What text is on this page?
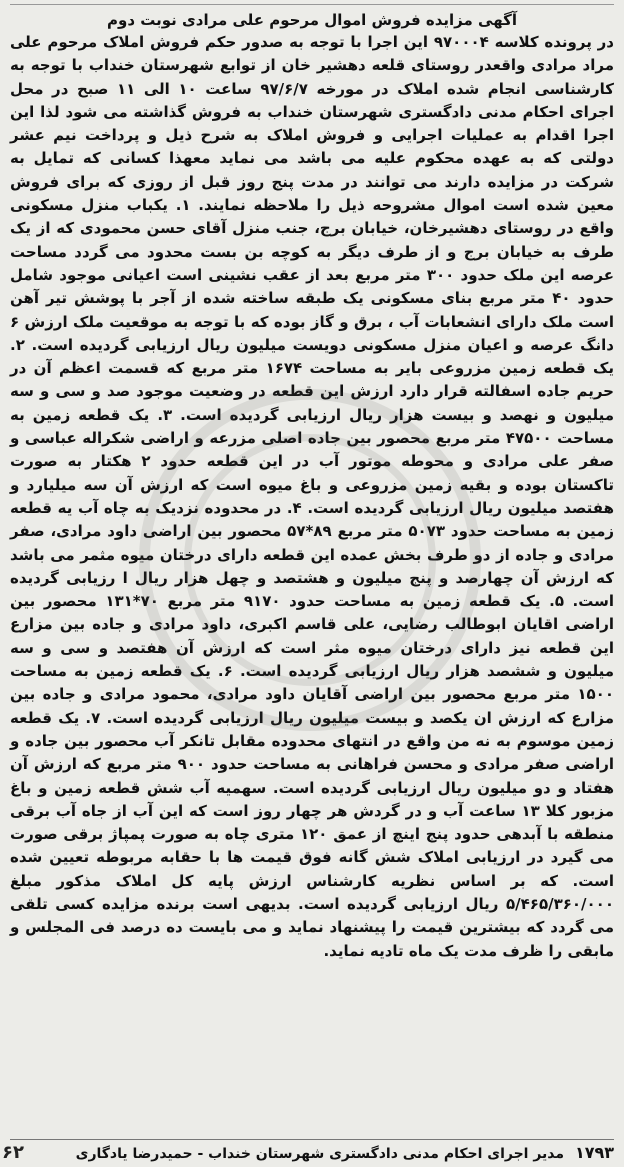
آگهی مزایده فروش اموال مرحوم علی مرادی نوبت دوم

در پرونده کلاسه ۹۷۰۰۰۴ این اجرا با توجه به صدور حکم فروش املاک مرحوم علی مراد مرادی واقعدر روستای قلعه دهشیر خان از توابع شهرستان خنداب با توجه به کارشناسی انجام شده املاک در مورخه ۹۷/۶/۷ ساعت ۱۰ الی ۱۱ صبح در محل اجرای احکام مدنی دادگستری شهرستان خنداب به فروش گذاشته می شود لذا این اجرا اقدام به عملیات اجرایی و فروش املاک به شرح ذیل و پرداخت نیم عشر دولتی که به عهده محکوم علیه می باشد می نماید معهذا کسانی که تمایل به شرکت در مزایده دارند می توانند در مدت پنج روز قبل از روزی که برای فروش معین شده است اموال مشروحه ذیل را ملاحظه نمایند. ۱. یکباب منزل مسکونی واقع در روستای دهشیرخان، خیابان برج، جنب منزل آقای حسن محمودی که از یک طرف به خیابان برج و از طرف دیگر به کوچه بن بست محدود می گردد مساحت عرصه این ملک حدود ۳۰۰ متر مربع بعد از عقب نشینی است اعیانی موجود شامل حدود ۴۰ متر مربع بنای مسکونی یک طبقه ساخته شده از آجر با پوشش تیر آهن است ملک دارای انشعابات آب ، برق و گاز بوده که با توجه به موقعیت ملک ارزش ۶ دانگ عرصه و اعیان منزل مسکونی دویست میلیون ریال ارزیابی گردیده است. ۲. یک قطعه زمین مزروعی بایر به مساحت ۱۶۷۴ متر مربع که قسمت اعظم آن در حریم جاده اسفالته قرار دارد ارزش این قطعه در وضعیت موجود صد و سی و سه میلیون و نهصد و بیست هزار ریال ارزیابی گردیده است. ۳. یک قطعه زمین به مساحت ۴۷۵۰۰ متر مربع محصور بین جاده اصلی مزرعه و اراضی شکراله عباسی و صفر علی مرادی و محوطه موتور آب در این قطعه حدود ۲ هکتار به صورت تاکستان بوده و بقیه زمین مزروعی و باغ میوه است که ارزش آن سه میلیارد و هفتصد میلیون ریال ارزیابی گردیده است. ۴. در محدوده نزدیک به چاه آب یه قطعه زمین به مساحت حدود ۵۰۷۳ متر مربع ۸۹*۵۷ محصور بین اراضی داود مرادی، صفر مرادی و جاده از دو طرف بخش عمده این قطعه دارای درختان میوه مثمر می باشد که ارزش آن چهارصد و پنج میلیون و هشتصد و چهل هزار ریال ا رزیابی گردیده است. ۵. یک قطعه زمین به مساحت حدود ۹۱۷۰ متر مربع ۷۰*۱۳۱ محصور بین اراضی اقایان ابوطالب رضایی، علی قاسم اکبری، داود مرادی و جاده بین مزارع این قطعه نیز دارای درختان میوه مثر است که ارزش آن هفتصد و سی و سه میلیون و ششصد هزار ریال ارزیابی گردیده است. ۶. یک قطعه زمین به مساحت ۱۵۰۰ متر مربع محصور بین اراضی آقایان داود مرادی، محمود مرادی و جاده بین مزارع که ارزش ان یکصد و بیست میلیون ریال ارزیابی گردیده است. ۷. یک قطعه زمین موسوم به نه من واقع در انتهای محدوده مقابل تانکر آب محصور بین جاده و اراضی صفر مرادی و محسن فراهانی به مساحت حدود ۹۰۰ متر مربع که ارزش آن هفتاد و دو میلیون ریال ارزیابی گردیده است. سهمیه آب شش قطعه زمین و باغ مزبور کلا ۱۳ ساعت آب و در گردش هر چهار روز است که این آب از جاه آب برقی منطقه با آبدهی حدود پنج اینچ از عمق ۱۲۰ متری چاه به صورت پمپاژ برقی صورت می گیرد در ارزیابی املاک شش گانه فوق قیمت ها با حقابه مربوطه تعیین شده است. که بر اساس نظریه کارشناس ارزش پایه کل املاک مذکور مبلغ ۵/۴۶۵/۳۶۰/۰۰۰ ریال ارزیابی گردیده است. بدیهی است برنده مزایده کسی تلقی می گردد که بیشترین قیمت را پیشنهاد نماید و می بایست ده درصد فی المجلس و مابقی را ظرف مدت یک ماه تادیه نماید.

۱۷۹۳ مدیر اجرای احکام مدنی دادگستری شهرستان خنداب - حمیدرضا یادگاری
۶۲
